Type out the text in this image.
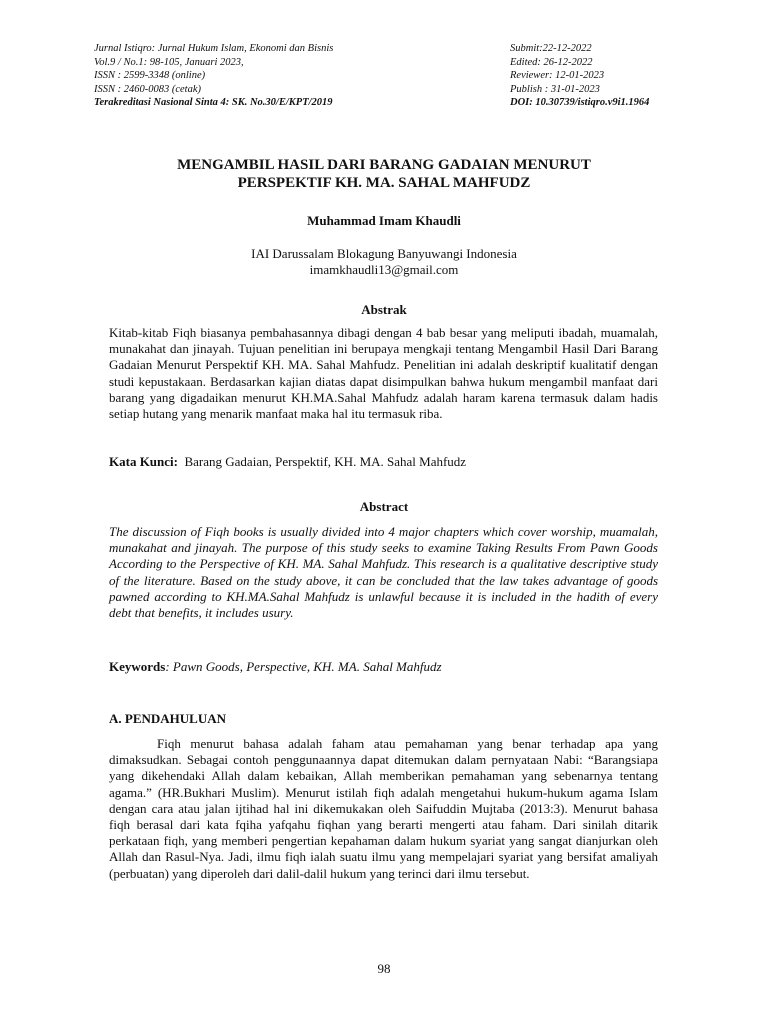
Jurnal Istiqro: Jurnal Hukum Islam, Ekonomi dan Bisnis
Vol.9 / No.1: 98-105, Januari 2023,
ISSN : 2599-3348 (online)
ISSN : 2460-0083 (cetak)
Terakreditasi Nasional Sinta 4: SK. No.30/E/KPT/2019
Submit:22-12-2022
Edited: 26-12-2022
Reviewer: 12-01-2023
Publish : 31-01-2023
DOI: 10.30739/istiqro.v9i1.1964
MENGAMBIL HASIL DARI BARANG GADAIAN MENURUT
PERSPEKTIF KH. MA. SAHAL MAHFUDZ
Muhammad Imam Khaudli
IAI Darussalam Blokagung Banyuwangi Indonesia
imamkhaudli13@gmail.com
Abstrak
Kitab-kitab Fiqh biasanya pembahasannya dibagi dengan 4 bab besar yang meliputi ibadah, muamalah, munakahat dan jinayah. Tujuan penelitian ini berupaya mengkaji tentang Mengambil Hasil Dari Barang Gadaian Menurut Perspektif KH. MA. Sahal Mahfudz. Penelitian ini adalah deskriptif kualitatif dengan studi kepustakaan. Berdasarkan kajian diatas dapat disimpulkan bahwa hukum mengambil manfaat dari barang yang digadaikan menurut KH.MA.Sahal Mahfudz adalah haram karena termasuk dalam hadis setiap hutang yang menarik manfaat maka hal itu termasuk riba.
Kata Kunci:  Barang Gadaian, Perspektif, KH. MA. Sahal Mahfudz
Abstract
The discussion of Fiqh books is usually divided into 4 major chapters which cover worship, muamalah, munakahat and jinayah. The purpose of this study seeks to examine Taking Results From Pawn Goods According to the Perspective of KH. MA. Sahal Mahfudz. This research is a qualitative descriptive study of the literature. Based on the study above, it can be concluded that the law takes advantage of goods pawned according to KH.MA.Sahal Mahfudz is unlawful because it is included in the hadith of every debt that benefits, it includes usury.
Keywords: Pawn Goods, Perspective, KH. MA. Sahal Mahfudz
A. PENDAHULUAN
Fiqh menurut bahasa adalah faham atau pemahaman yang benar terhadap apa yang dimaksudkan. Sebagai contoh penggunaannya dapat ditemukan dalam pernyataan Nabi: “Barangsiapa yang dikehendaki Allah dalam kebaikan, Allah memberikan pemahaman yang sebenarnya tentang agama.” (HR.Bukhari Muslim). Menurut istilah fiqh adalah mengetahui hukum-hukum agama Islam dengan cara atau jalan ijtihad hal ini dikemukakan oleh Saifuddin Mujtaba (2013:3). Menurut bahasa fiqh berasal dari kata fqiha yafqahu fiqhan yang berarti mengerti atau faham. Dari sinilah ditarik perkataan fiqh, yang memberi pengertian kepahaman dalam hukum syariat yang sangat dianjurkan oleh Allah dan Rasul-Nya. Jadi, ilmu fiqh ialah suatu ilmu yang mempelajari syariat yang bersifat amaliyah (perbuatan) yang diperoleh dari dalil-dalil hukum yang terinci dari ilmu tersebut.
98
